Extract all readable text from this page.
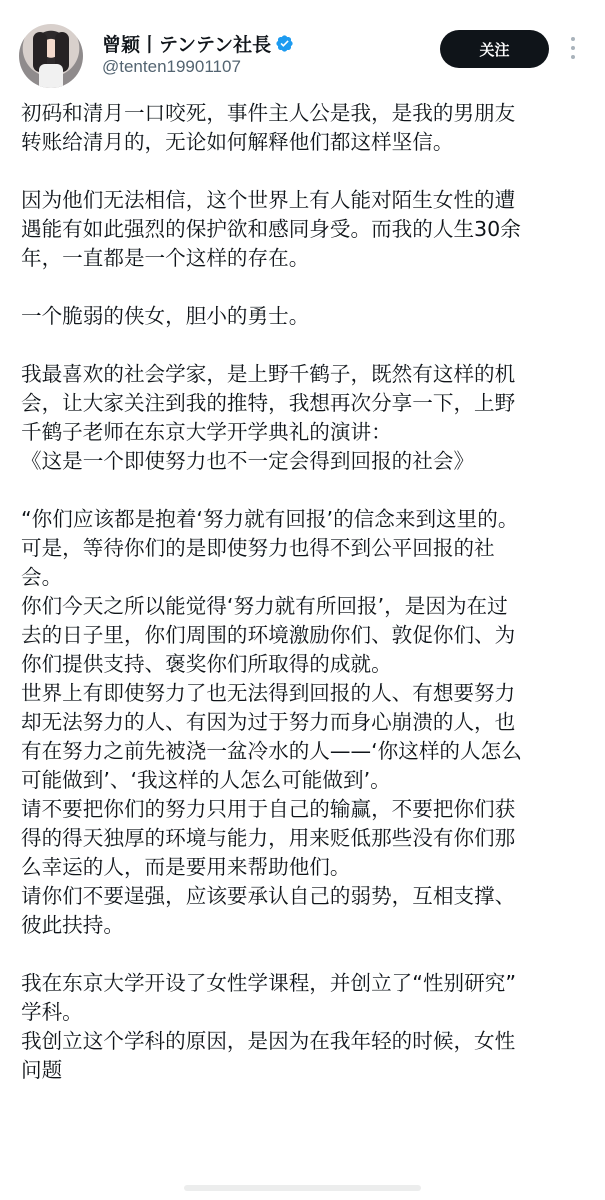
曾颖丨テンテン社長
@tenten19901107
关注

初码和清月一口咬死，事件主人公是我，是我的男朋友

转账给清月的，无论如何解释他们都这样坚信。

因为他们无法相信，这个世界上有人能对陌生女性的遭

遇能有如此强烈的保护欲和感同身受。而我的人生30余

年，一直都是一个这样的存在。

一个脆弱的侠女，胆小的勇士。

我最喜欢的社会学家，是上野千鹤子，既然有这样的机

会，让大家关注到我的推特，我想再次分享一下，上野

千鹤子老师在东京大学开学典礼的演讲：

《这是一个即使努力也不一定会得到回报的社会》

“你们应该都是抱着‘努力就有回报’的信念来到这里的。

可是，等待你们的是即使努力也得不到公平回报的社

会。

你们今天之所以能觉得‘努力就有所回报’，是因为在过

去的日子里，你们周围的环境激励你们、敦促你们、为

你们提供支持、褒奖你们所取得的成就。

世界上有即使努力了也无法得到回报的人、有想要努力

却无法努力的人、有因为过于努力而身心崩溃的人，也

有在努力之前先被浇一盆冷水的人——‘你这样的人怎么

可能做到’、‘我这样的人怎么可能做到’。

请不要把你们的努力只用于自己的输赢，不要把你们获

得的得天独厚的环境与能力，用来贬低那些没有你们那

么幸运的人，而是要用来帮助他们。

请你们不要逞强，应该要承认自己的弱势，互相支撑、

彼此扶持。

我在东京大学开设了女性学课程，并创立了“性别研究”

学科。

我创立这个学科的原因，是因为在我年轻的时候，女性

问题
